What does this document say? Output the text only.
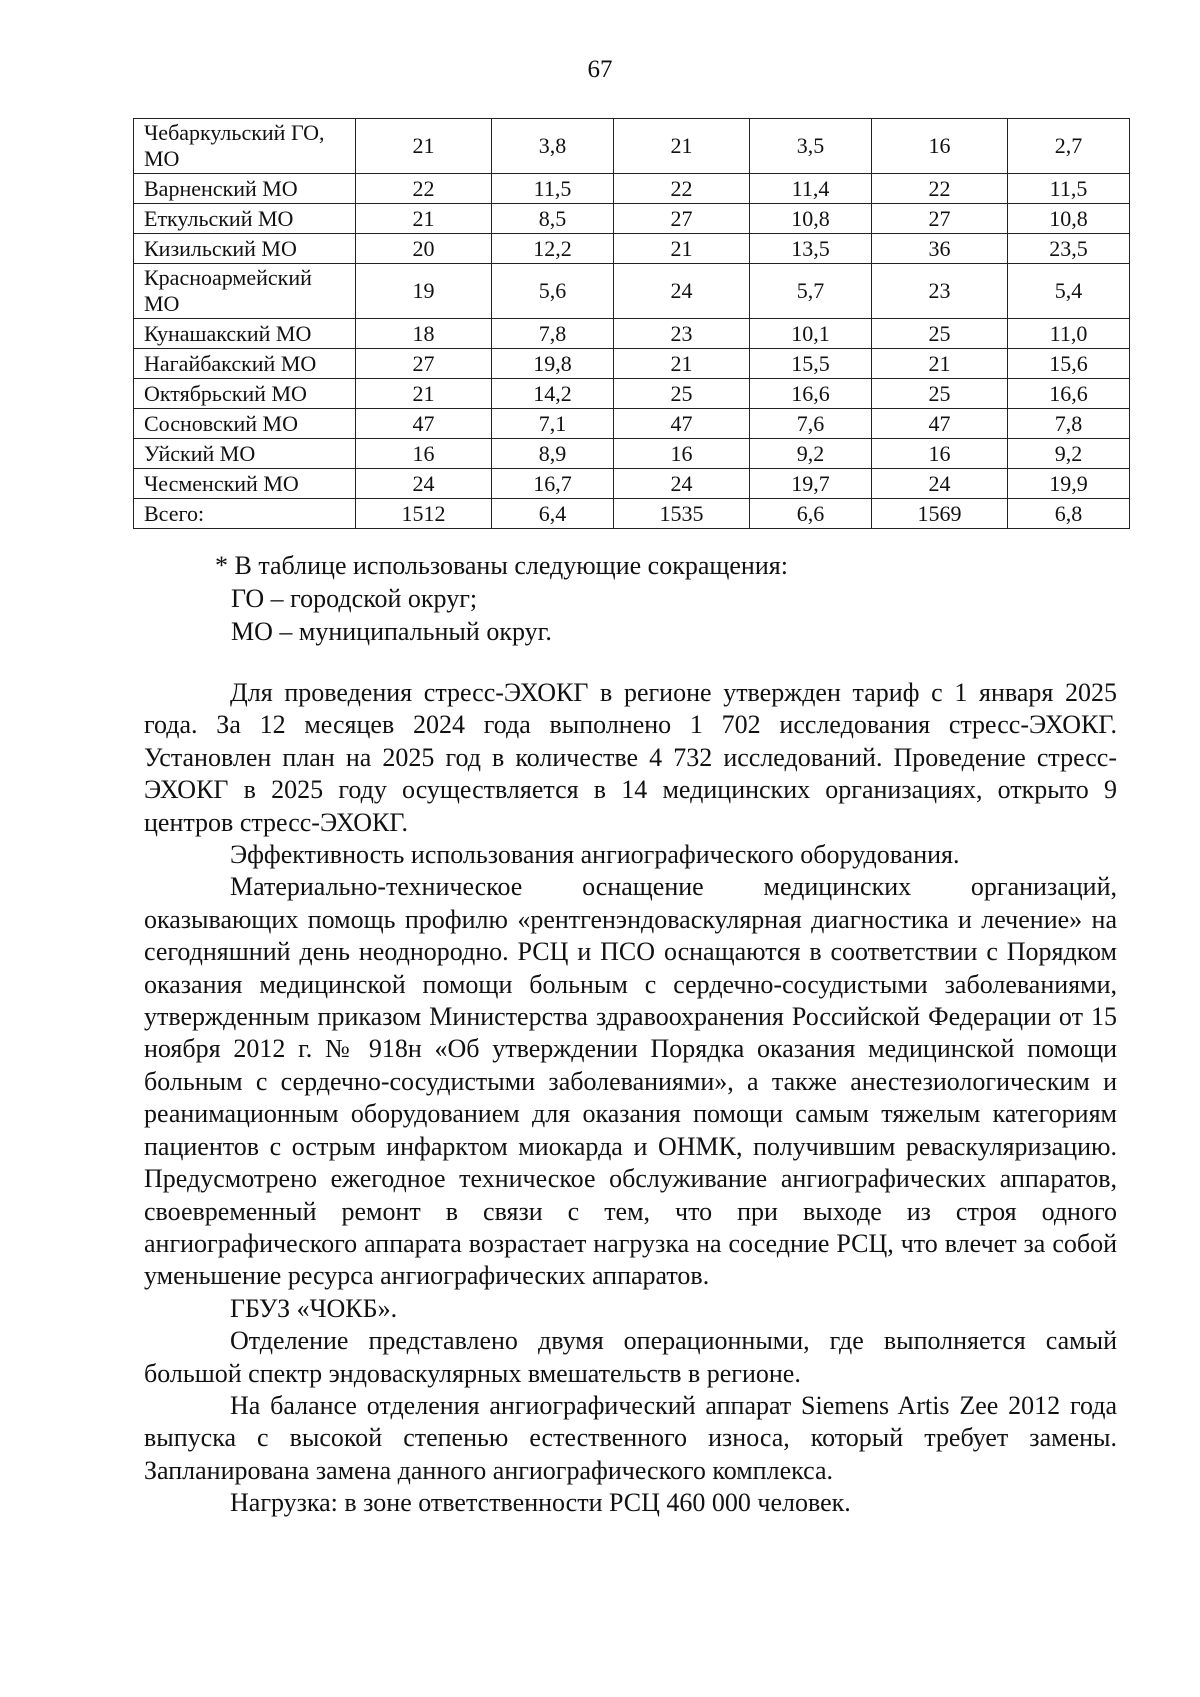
67
Чебаркульский ГО, МО	21	3,8	21	3,5	16	2,7
Варненский МО	22	11,5	22	11,4	22	11,5
Еткульский МО	21	8,5	27	10,8	27	10,8
Кизильский МО	20	12,2	21	13,5	36	23,5
Красноармейский МО	19	5,6	24	5,7	23	5,4
Кунашакский МО	18	7,8	23	10,1	25	11,0
Нагайбакский МО	27	19,8	21	15,5	21	15,6
Октябрьский МО	21	14,2	25	16,6	25	16,6
Сосновский МО	47	7,1	47	7,6	47	7,8
Уйский МО	16	8,9	16	9,2	16	9,2
Чесменский МО	24	16,7	24	19,7	24	19,9
Всего:	1512	6,4	1535	6,6	1569	6,8
* В таблице использованы следующие сокращения:
ГО – городской округ;
МО – муниципальный округ.

Для проведения стресс-ЭХОКГ в регионе утвержден тариф с 1 января 2025 года. За 12 месяцев 2024 года выполнено 1 702 исследования стресс-ЭХОКГ. Установлен план на 2025 год в количестве 4 732 исследований. Проведение стресс-ЭХОКГ в 2025 году осуществляется в 14 медицинских организациях, открыто 9 центров стресс-ЭХОКГ.

Эффективность использования ангиографического оборудования.

Материально-техническое оснащение медицинских организаций, оказывающих помощь профилю «рентгенэндоваскулярная диагностика и лечение» на сегодняшний день неоднородно. РСЦ и ПСО оснащаются в соответствии с Порядком оказания медицинской помощи больным с сердечно-сосудистыми заболеваниями, утвержденным приказом Министерства здравоохранения Российской Федерации от 15 ноября 2012 г. № 918н «Об утверждении Порядка оказания медицинской помощи больным с сердечно-сосудистыми заболеваниями», а также анестезиологическим и реанимационным оборудованием для оказания помощи самым тяжелым категориям пациентов с острым инфарктом миокарда и ОНМК, получившим реваскуляризацию. Предусмотрено ежегодное техническое обслуживание ангиографических аппаратов, своевременный ремонт в связи с тем, что при выходе из строя одного ангиографического аппарата возрастает нагрузка на соседние РСЦ, что влечет за собой уменьшение ресурса ангиографических аппаратов.

ГБУЗ «ЧОКБ».

Отделение представлено двумя операционными, где выполняется самый большой спектр эндоваскулярных вмешательств в регионе.

На балансе отделения ангиографический аппарат Siemens Artis Zee 2012 года выпуска с высокой степенью естественного износа, который требует замены. Запланирована замена данного ангиографического комплекса.

Нагрузка: в зоне ответственности РСЦ 460 000 человек.
